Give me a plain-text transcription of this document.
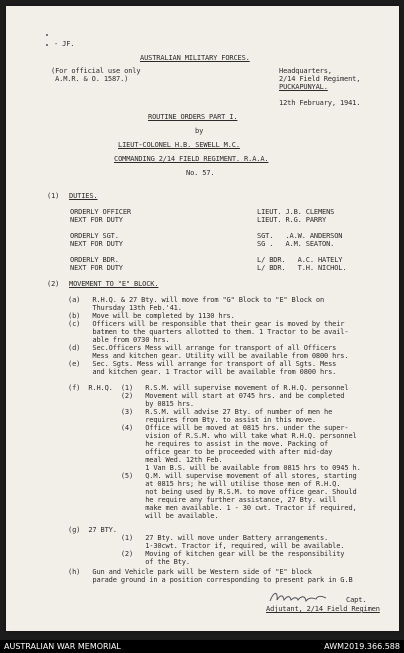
- JF.
AUSTRALIAN MILITARY FORCES.
(For official use only
A.M.R. & O. 1587.)
Headquarters,
2/14 Field Regiment,
PUCKAPUNYAL.
12th February, 1941.
ROUTINE ORDERS PART I.
by
LIEUT-COLONEL H.B. SEWELL M.C.
COMMANDING 2/14 FIELD REGIMENT. R.A.A.
No. 57.
(1) DUTIES.
ORDERLY OFFICER
NEXT FOR DUTY
LIEUT. J.B. CLEMENS
LIEUT. R.G. PARRY
ORDERLY SGT.
NEXT FOR DUTY
SGT.   .A.W. ANDERSON
SG .   A.M. SEATON.
ORDERLY BDR.
NEXT FOR DUTY
L/ BDR.   A.C. HATELY
L/ BDR.   T.H. NICHOL.
(2) MOVEMENT TO "E" BLOCK.
(a)   R.H.Q. & 27 Bty. will move from "G" Block to "E" Block on
Thursday 13th Feb.'41.
(b)   Move will be completed by 1130 hrs.
(c)   Officers will be responsible that their gear is moved by their
batmen to the quarters allotted to them. 1 Tractor to be avail-
able from 0730 hrs.
(d)   Sec.Officers Mess will arrange for transport of all Officers
Mess and kitchen gear. Utility will be available from 0800 hrs.
(e)   Sec. Sgts. Mess will arrange for transport of all Sgts. Mess
and kitchen gear. 1 Tractor will be available from 0800 hrs.
(f)  R.H.Q.  (1)   R.S.M. will supervise movement of R.H.Q. personnel
(2)   Movement will start at 0745 hrs. and be completed
by 0815 hrs.
(3)   R.S.M. will advise 27 Bty. of number of men he
requires from Bty. to assist in this move.
(4)   Office will be moved at 0815 hrs. under the super-
vision of R.S.M. who will take what R.H.Q. personnel
he requires to assist in the move. Packing of
office gear to be proceeded with after mid-day
meal Wed. 12th Feb.
1 Van B.S. will be available from 0815 hrs to 0945 h.
(5)   Q.M. will supervise movement of all stores, starting
at 0815 hrs; he will utilise those men of R.H.Q.
not being used by R.S.M. to move office gear. Should
he require any further assistance, 27 Bty. will
make men available. 1 - 30 cwt. Tractor if required,
will be available.
(g)  27 BTY.
(1)   27 Bty. will move under Battery arrangements.
1-30cwt. Tractor if, required, will be available.
(2)   Moving of kitchen gear will be the responsibility
of the Bty.
(h)   Gun and Vehicle park will be Western side of "E" block
parade ground in a position corresponding to present park in G.B
Capt.
Adjutant, 2/14 Field Regimen
AUSTRALIAN WAR MEMORIAL	AWM2019.366.588
